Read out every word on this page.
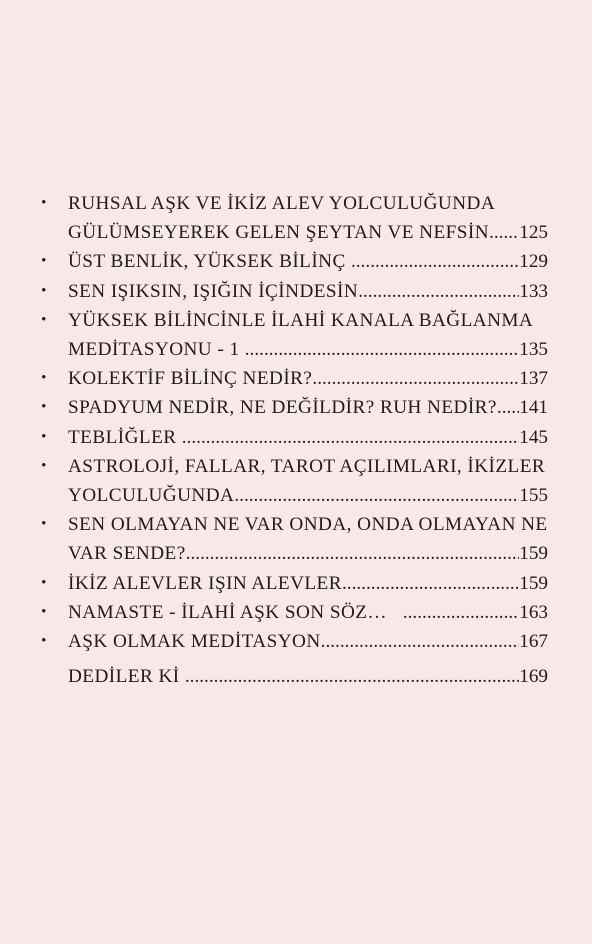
• RUHSAL AŞK VE İKİZ ALEV YOLCULUĞUNDA
GÜLÜMSEYEREK GELEN ŞEYTAN VE NEFSİN ..... 125
• ÜST BENLİK, YÜKSEK BİLİNÇ .....	129
• SEN IŞIKSIN, IŞIĞIN İÇİNDESİN .....	133
• YÜKSEK BİLİNCİNLE İLAHİ KANALA BAĞLANMA
MEDİTASYONU - 1 .....	135
• KOLEKTİF BİLİNÇ NEDİR? .....	137
• SPADYUM NEDİR, NE DEĞİLDİR? RUH NEDİR? ..... 141
• TEBLİĞLER .....	145
• ASTROLOJİ, FALLAR, TAROT AÇILIMLARI, İKİZLER
YOLCULUĞUNDA .....	155
• SEN OLMAYAN NE VAR ONDA, ONDA OLMAYAN NE
VAR SENDE? .....	159
• İKİZ ALEVLER IŞIN ALEVLER .....	159
• NAMASTE - İLAHİ AŞK SON SÖZ… .....	163
• AŞK OLMAK MEDİTASYON .....	167
DEDİLER Kİ .....	169
